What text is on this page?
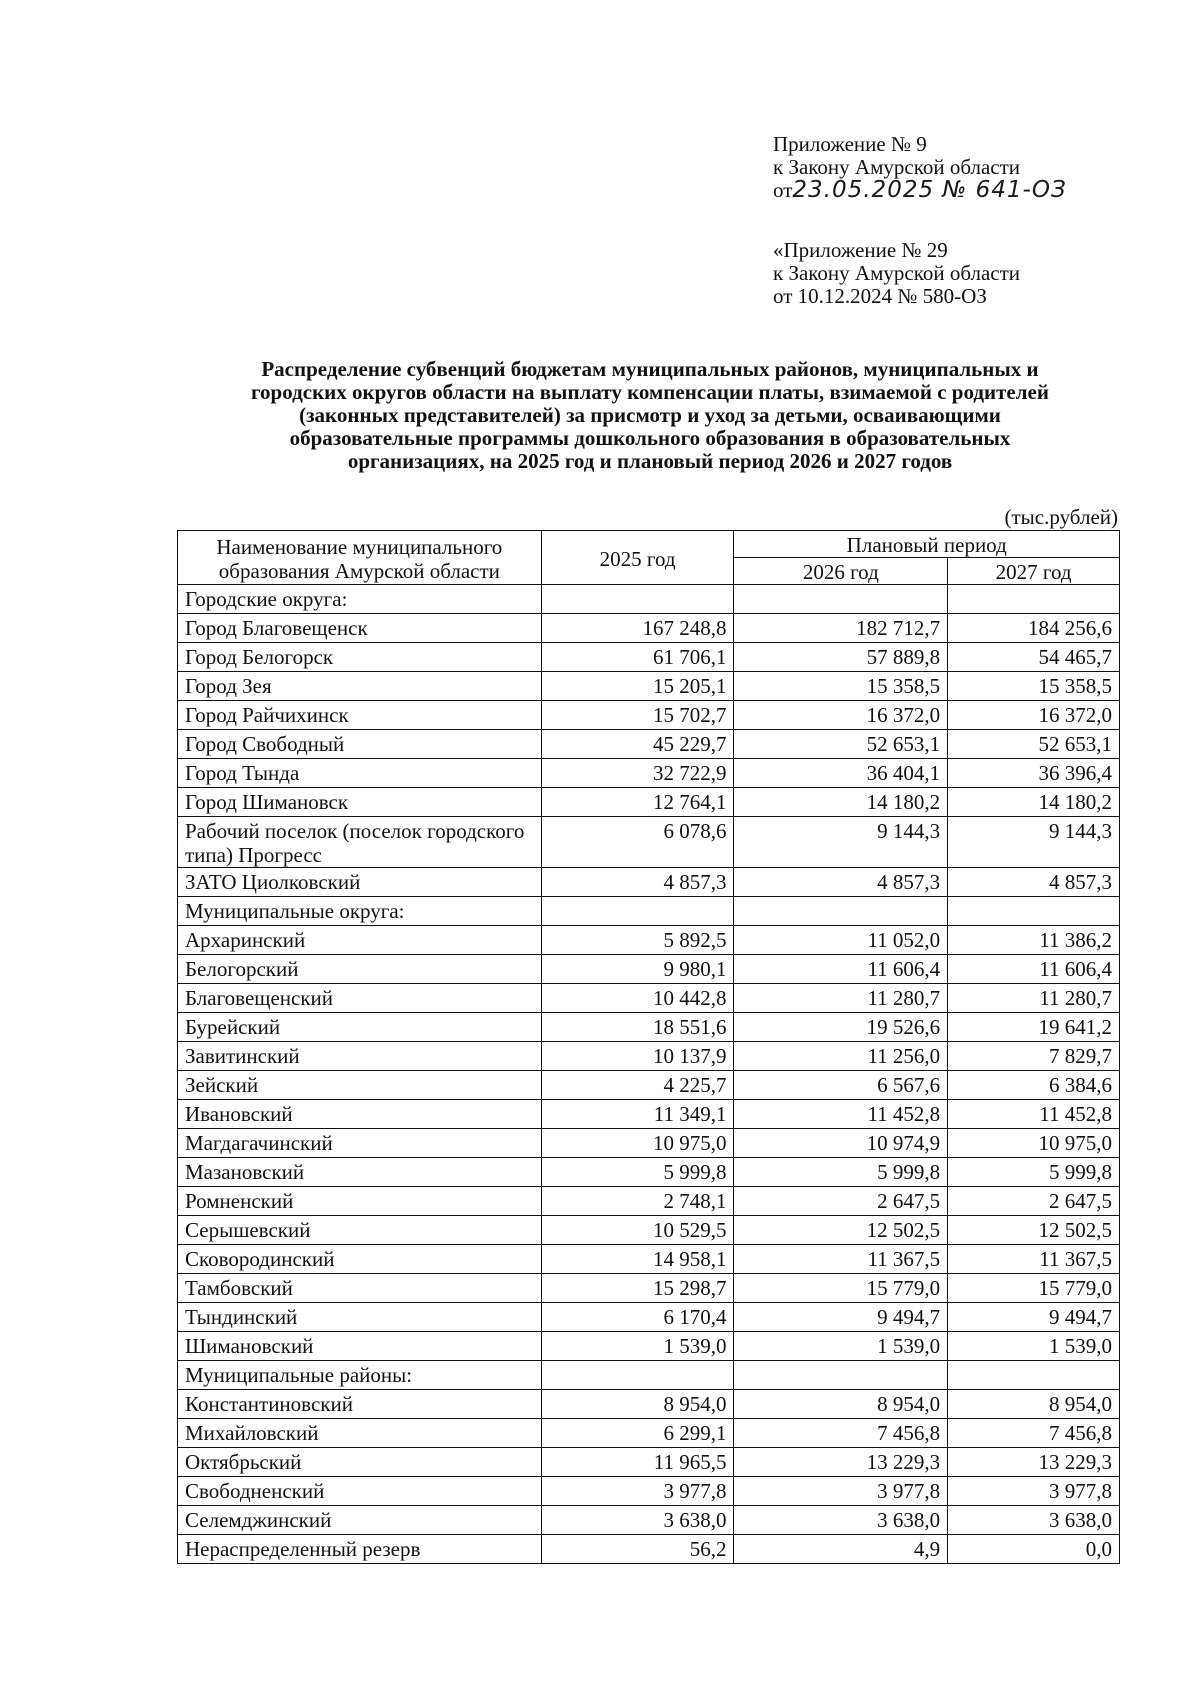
Приложение № 9
к Закону Амурской области
от23.05.2025 № 641-ОЗ
«Приложение № 29
к Закону Амурской области
от 10.12.2024 № 580-ОЗ
Распределение субвенций бюджетам муниципальных районов, муниципальных и
городских округов области на выплату компенсации платы, взимаемой с родителей
(законных представителей) за присмотр и уход за детьми, осваивающими
образовательные программы дошкольного образования в образовательных
организациях, на 2025 год и плановый период 2026 и 2027 годов
(тыс.рублей)
Наименование муниципального
образования Амурской области	2025 год	Плановый период	
		2026 год	2027 год
Городские округа:			
Город Благовещенск	167 248,8	182 712,7	184 256,6
Город Белогорск	61 706,1	57 889,8	54 465,7
Город Зея	15 205,1	15 358,5	15 358,5
Город Райчихинск	15 702,7	16 372,0	16 372,0
Город Свободный	45 229,7	52 653,1	52 653,1
Город Тында	32 722,9	36 404,1	36 396,4
Город Шимановск	12 764,1	14 180,2	14 180,2
Рабочий поселок (поселок городского типа) Прогресс	6 078,6	9 144,3	9 144,3
ЗАТО Циолковский	4 857,3	4 857,3	4 857,3
Муниципальные округа:			
Архаринский	5 892,5	11 052,0	11 386,2
Белогорский	9 980,1	11 606,4	11 606,4
Благовещенский	10 442,8	11 280,7	11 280,7
Бурейский	18 551,6	19 526,6	19 641,2
Завитинский	10 137,9	11 256,0	7 829,7
Зейский	4 225,7	6 567,6	6 384,6
Ивановский	11 349,1	11 452,8	11 452,8
Магдагачинский	10 975,0	10 974,9	10 975,0
Мазановский	5 999,8	5 999,8	5 999,8
Ромненский	2 748,1	2 647,5	2 647,5
Серышевский	10 529,5	12 502,5	12 502,5
Сковородинский	14 958,1	11 367,5	11 367,5
Тамбовский	15 298,7	15 779,0	15 779,0
Тындинский	6 170,4	9 494,7	9 494,7
Шимановский	1 539,0	1 539,0	1 539,0
Муниципальные районы:			
Константиновский	8 954,0	8 954,0	8 954,0
Михайловский	6 299,1	7 456,8	7 456,8
Октябрьский	11 965,5	13 229,3	13 229,3
Свободненский	3 977,8	3 977,8	3 977,8
Селемджинский	3 638,0	3 638,0	3 638,0
Нераспределенный резерв	56,2	4,9	0,0
